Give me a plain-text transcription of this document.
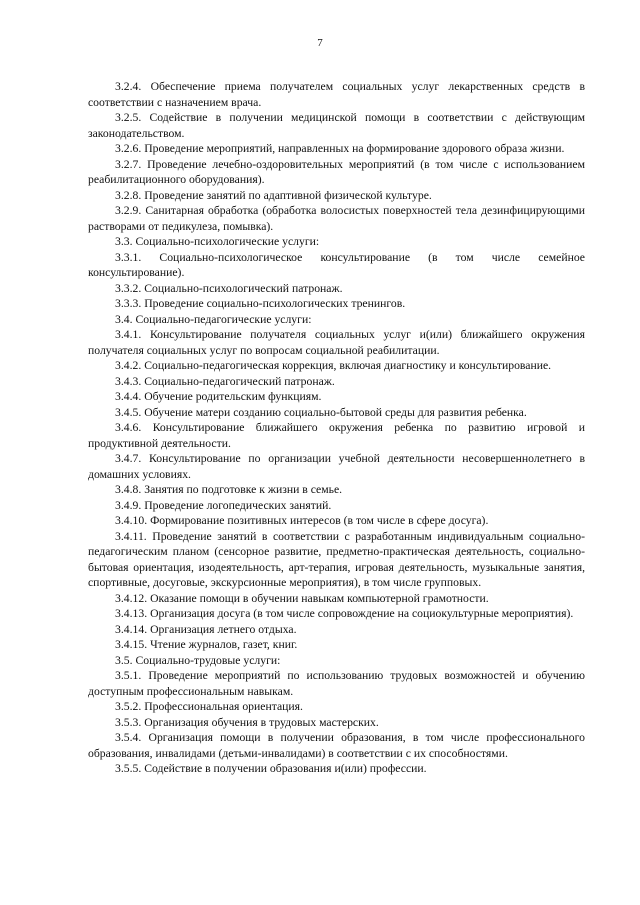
7

3.2.4. Обеспечение приема получателем социальных услуг лекарственных средств в соответствии с назначением врача.

3.2.5. Содействие в получении медицинской помощи в соответствии с действующим законодательством.

3.2.6. Проведение мероприятий, направленных на формирование здорового образа жизни.

3.2.7. Проведение лечебно-оздоровительных мероприятий (в том числе с использованием реабилитационного оборудования).

3.2.8. Проведение занятий по адаптивной физической культуре.

3.2.9. Санитарная обработка (обработка волосистых поверхностей тела дезинфицирующими растворами от педикулеза, помывка).

3.3. Социально-психологические услуги:

3.3.1. Социально-психологическое консультирование (в том числе семейное консультирование).

3.3.2. Социально-психологический патронаж.

3.3.3. Проведение социально-психологических тренингов.

3.4. Социально-педагогические услуги:

3.4.1. Консультирование получателя социальных услуг и(или) ближайшего окружения получателя социальных услуг по вопросам социальной реабилитации.

3.4.2. Социально-педагогическая коррекция, включая диагностику и консультирование.

3.4.3. Социально-педагогический патронаж.

3.4.4. Обучение родительским функциям.

3.4.5. Обучение матери созданию социально-бытовой среды для развития ребенка.

3.4.6. Консультирование ближайшего окружения ребенка по развитию игровой и продуктивной деятельности.

3.4.7. Консультирование по организации учебной деятельности несовершеннолетнего в домашних условиях.

3.4.8. Занятия по подготовке к жизни в семье.

3.4.9. Проведение логопедических занятий.

3.4.10. Формирование позитивных интересов (в том числе в сфере досуга).

3.4.11. Проведение занятий в соответствии с разработанным индивидуальным социально-педагогическим планом (сенсорное развитие, предметно-практическая деятельность, социально-бытовая ориентация, изодеятельность, арт-терапия, игровая деятельность, музыкальные занятия, спортивные, досуговые, экскурсионные мероприятия), в том числе групповых.

3.4.12. Оказание помощи в обучении навыкам компьютерной грамотности.

3.4.13. Организация досуга (в том числе сопровождение на социокультурные мероприятия).

3.4.14. Организация летнего отдыха.

3.4.15. Чтение журналов, газет, книг.

3.5. Социально-трудовые услуги:

3.5.1. Проведение мероприятий по использованию трудовых возможностей и обучению доступным профессиональным навыкам.

3.5.2. Профессиональная ориентация.

3.5.3. Организация обучения в трудовых мастерских.

3.5.4. Организация помощи в получении образования, в том числе профессионального образования, инвалидами (детьми-инвалидами) в соответствии с их способностями.

3.5.5. Содействие в получении образования и(или) профессии.
